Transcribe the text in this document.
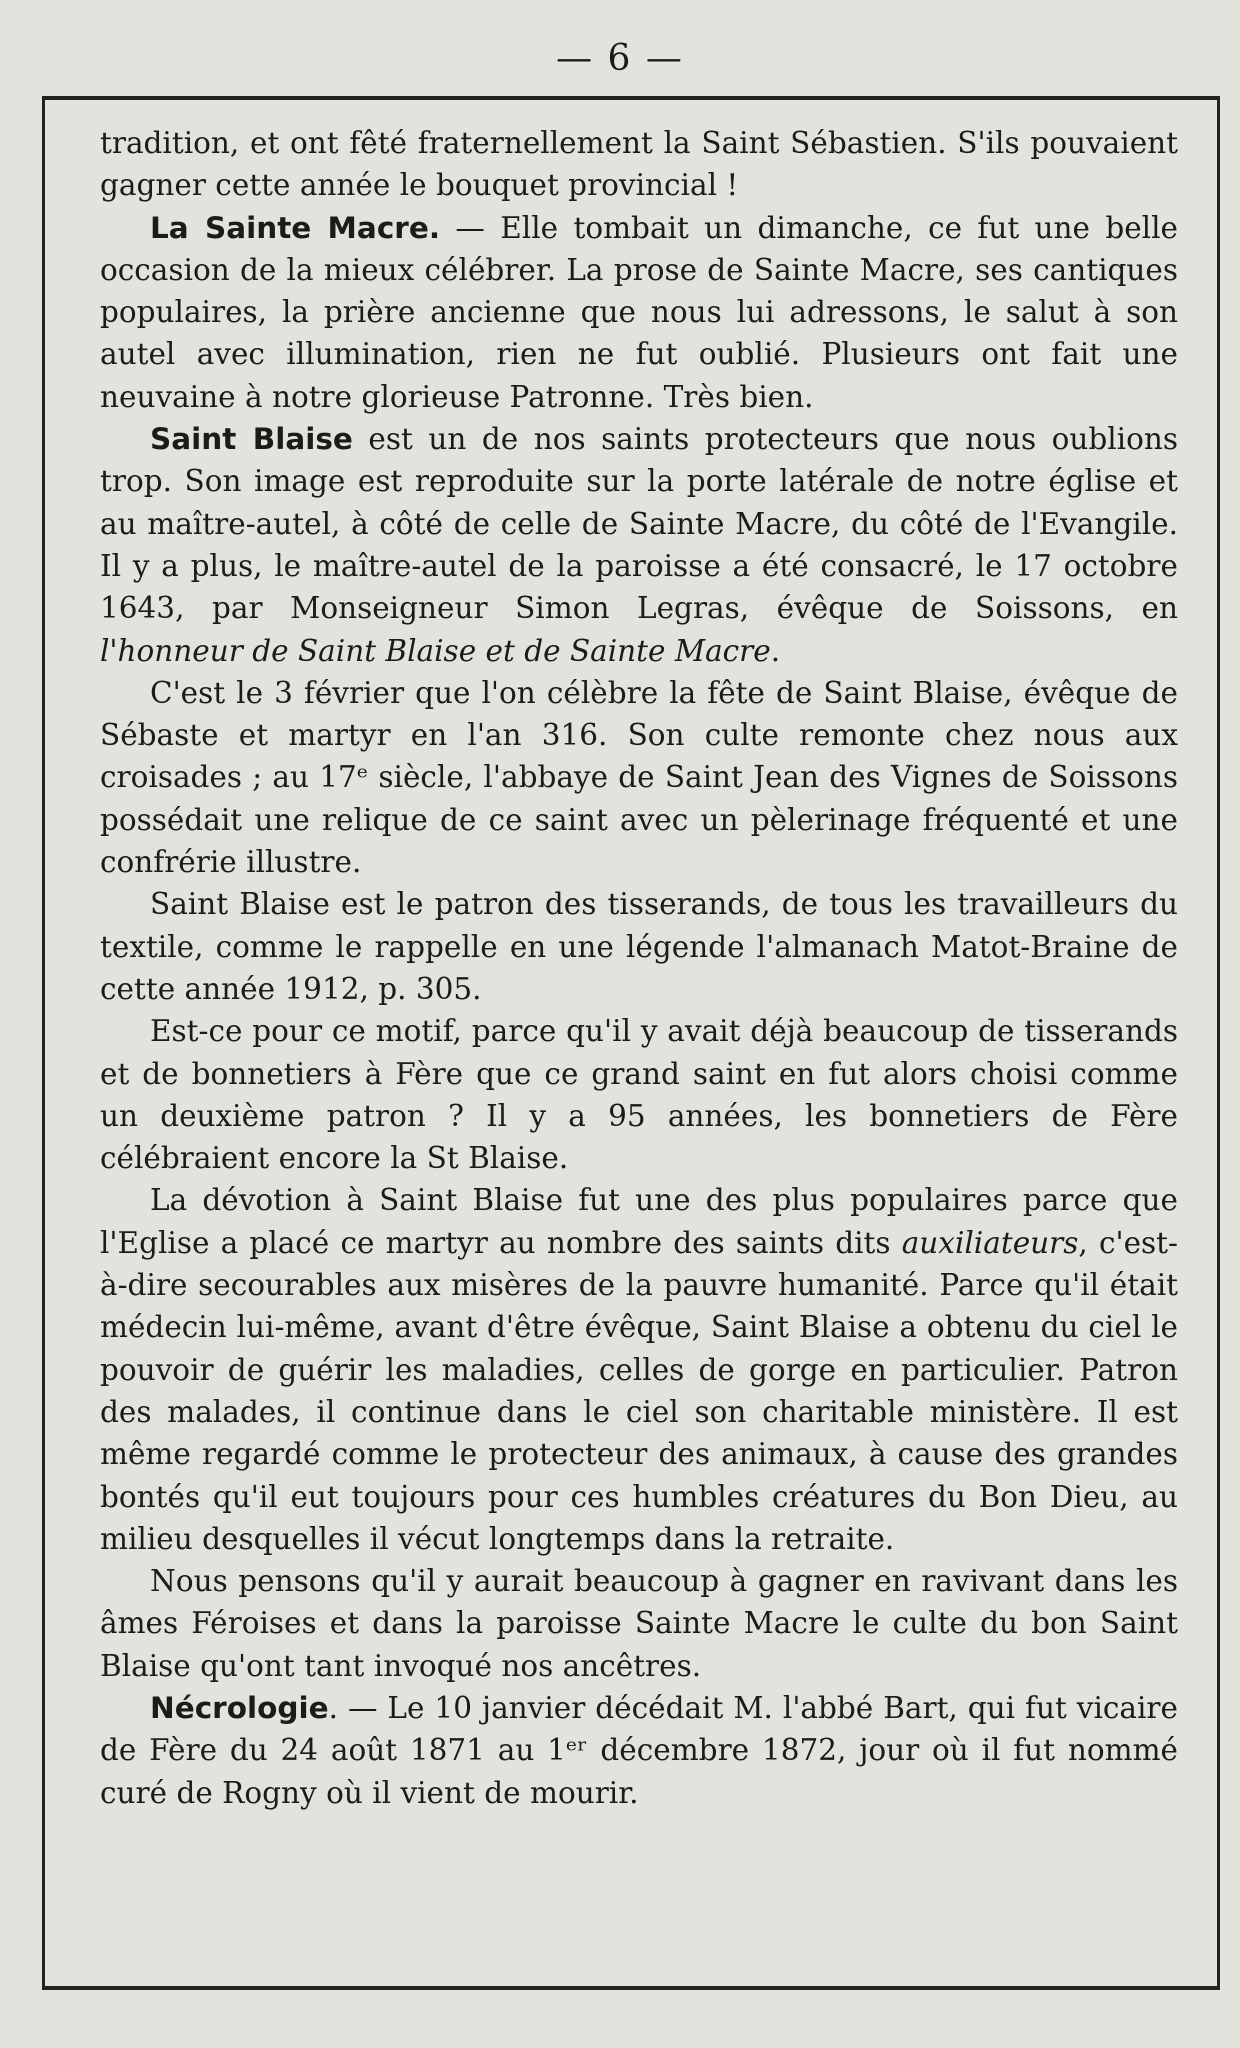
— 6 —

tradition, et ont fêté fraternellement la Saint Sébastien. S'ils pouvaient gagner cette année le bouquet provincial !

La Sainte Macre. — Elle tombait un dimanche, ce fut une belle occasion de la mieux célébrer. La prose de Sainte Macre, ses cantiques populaires, la prière ancienne que nous lui adressons, le salut à son autel avec illumination, rien ne fut oublié. Plusieurs ont fait une neuvaine à notre glorieuse Patronne. Très bien.

Saint Blaise est un de nos saints protecteurs que nous oublions trop. Son image est reproduite sur la porte latérale de notre église et au maître-autel, à côté de celle de Sainte Macre, du côté de l'Evangile. Il y a plus, le maître-autel de la paroisse a été consacré, le 17 octobre 1643, par Monseigneur Simon Legras, évêque de Soissons, en l'honneur de Saint Blaise et de Sainte Macre.

C'est le 3 février que l'on célèbre la fête de Saint Blaise, évêque de Sébaste et martyr en l'an 316. Son culte remonte chez nous aux croisades ; au 17ᵉ siècle, l'abbaye de Saint Jean des Vignes de Soissons possédait une relique de ce saint avec un pèlerinage fréquenté et une confrérie illustre.

Saint Blaise est le patron des tisserands, de tous les travailleurs du textile, comme le rappelle en une légende l'almanach Matot-Braine de cette année 1912, p. 305.

Est-ce pour ce motif, parce qu'il y avait déjà beaucoup de tisserands et de bonnetiers à Fère que ce grand saint en fut alors choisi comme un deuxième patron ? Il y a 95 années, les bonnetiers de Fère célébraient encore la St Blaise.

La dévotion à Saint Blaise fut une des plus populaires parce que l'Eglise a placé ce martyr au nombre des saints dits auxiliateurs, c'est-à-dire secourables aux misères de la pauvre humanité. Parce qu'il était médecin lui-même, avant d'être évêque, Saint Blaise a obtenu du ciel le pouvoir de guérir les maladies, celles de gorge en particulier. Patron des malades, il continue dans le ciel son charitable ministère. Il est même regardé comme le protecteur des animaux, à cause des grandes bontés qu'il eut toujours pour ces humbles créatures du Bon Dieu, au milieu desquelles il vécut longtemps dans la retraite.

Nous pensons qu'il y aurait beaucoup à gagner en ravivant dans les âmes Féroises et dans la paroisse Sainte Macre le culte du bon Saint Blaise qu'ont tant invoqué nos ancêtres.

Nécrologie. — Le 10 janvier décédait M. l'abbé Bart, qui fut vicaire de Fère du 24 août 1871 au 1ᵉʳ décembre 1872, jour où il fut nommé curé de Rogny où il vient de mourir.
